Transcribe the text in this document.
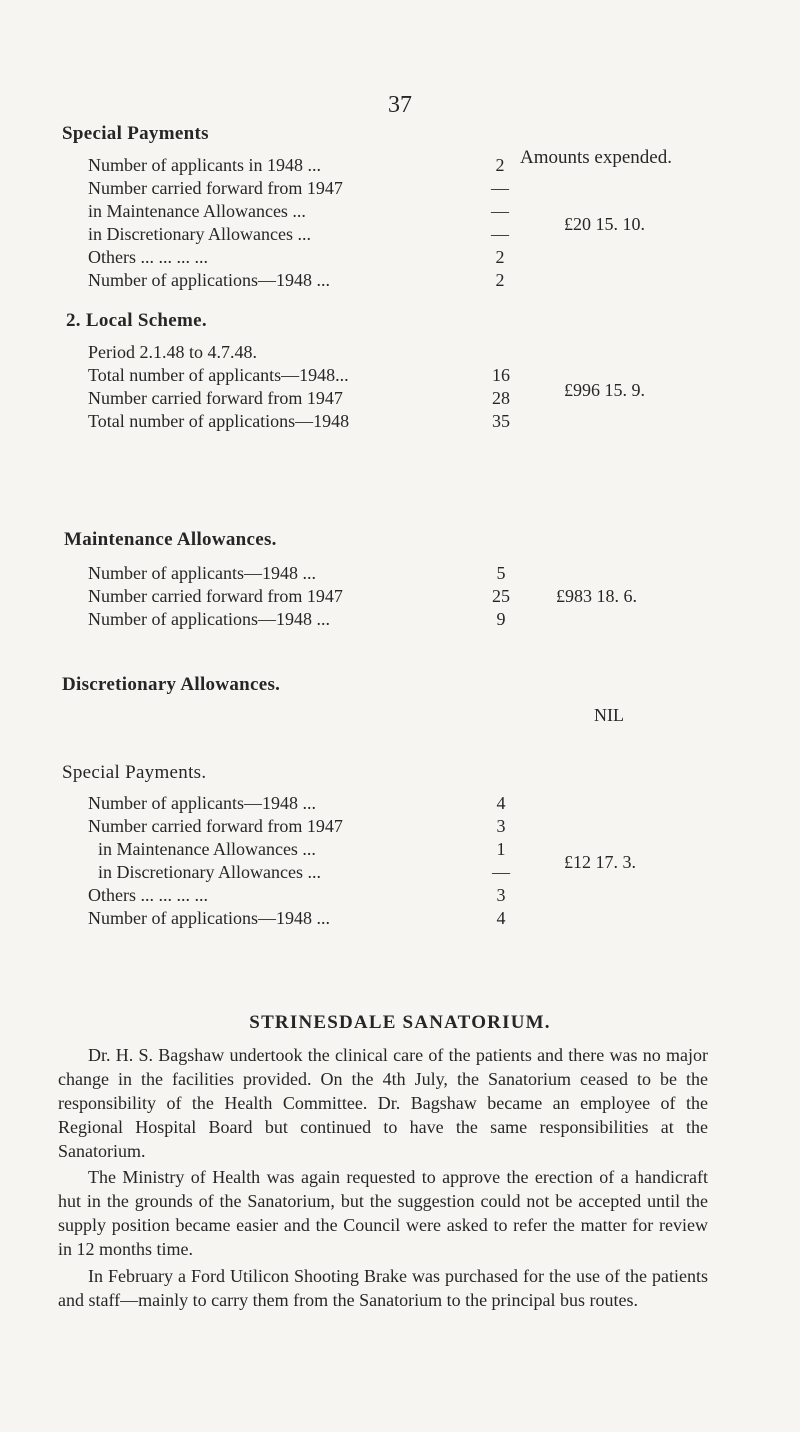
37
Amounts expended.
Special Payments
Number of applicants in 1948 ...	2
Number carried forward from 1947	—
in Maintenance Allowances ...	—
in Discretionary Allowances ...	—
Others ... ... ... ...	2
Number of applications—1948 ...	2
£20 15. 10.
2. Local Scheme.
Period 2.1.48 to 4.7.48.
Total number of applicants—1948...	16
Number carried forward from 1947	28
Total number of applications—1948	35
£996 15. 9.
Maintenance Allowances.
Number of applicants—1948 ...	5
Number carried forward from 1947	25
Number of applications—1948 ...	9
£983 18. 6.
Discretionary Allowances.
NIL
Special Payments.
Number of applicants—1948 ...	4
Number carried forward from 1947	3
in Maintenance Allowances ...	1
in Discretionary Allowances ...	—
Others ... ... ... ...	3
Number of applications—1948 ...	4
£12 17. 3.
STRINESDALE SANATORIUM.
Dr. H. S. Bagshaw undertook the clinical care of the patients and there was no major change in the facilities provided. On the 4th July, the Sanatorium ceased to be the responsibility of the Health Committee. Dr. Bagshaw became an employee of the Regional Hospital Board but continued to have the same responsibilities at the Sanatorium.
The Ministry of Health was again requested to approve the erection of a handicraft hut in the grounds of the Sanatorium, but the suggestion could not be accepted until the supply position became easier and the Council were asked to refer the matter for review in 12 months time.
In February a Ford Utilicon Shooting Brake was purchased for the use of the patients and staff—mainly to carry them from the Sanatorium to the principal bus routes.
